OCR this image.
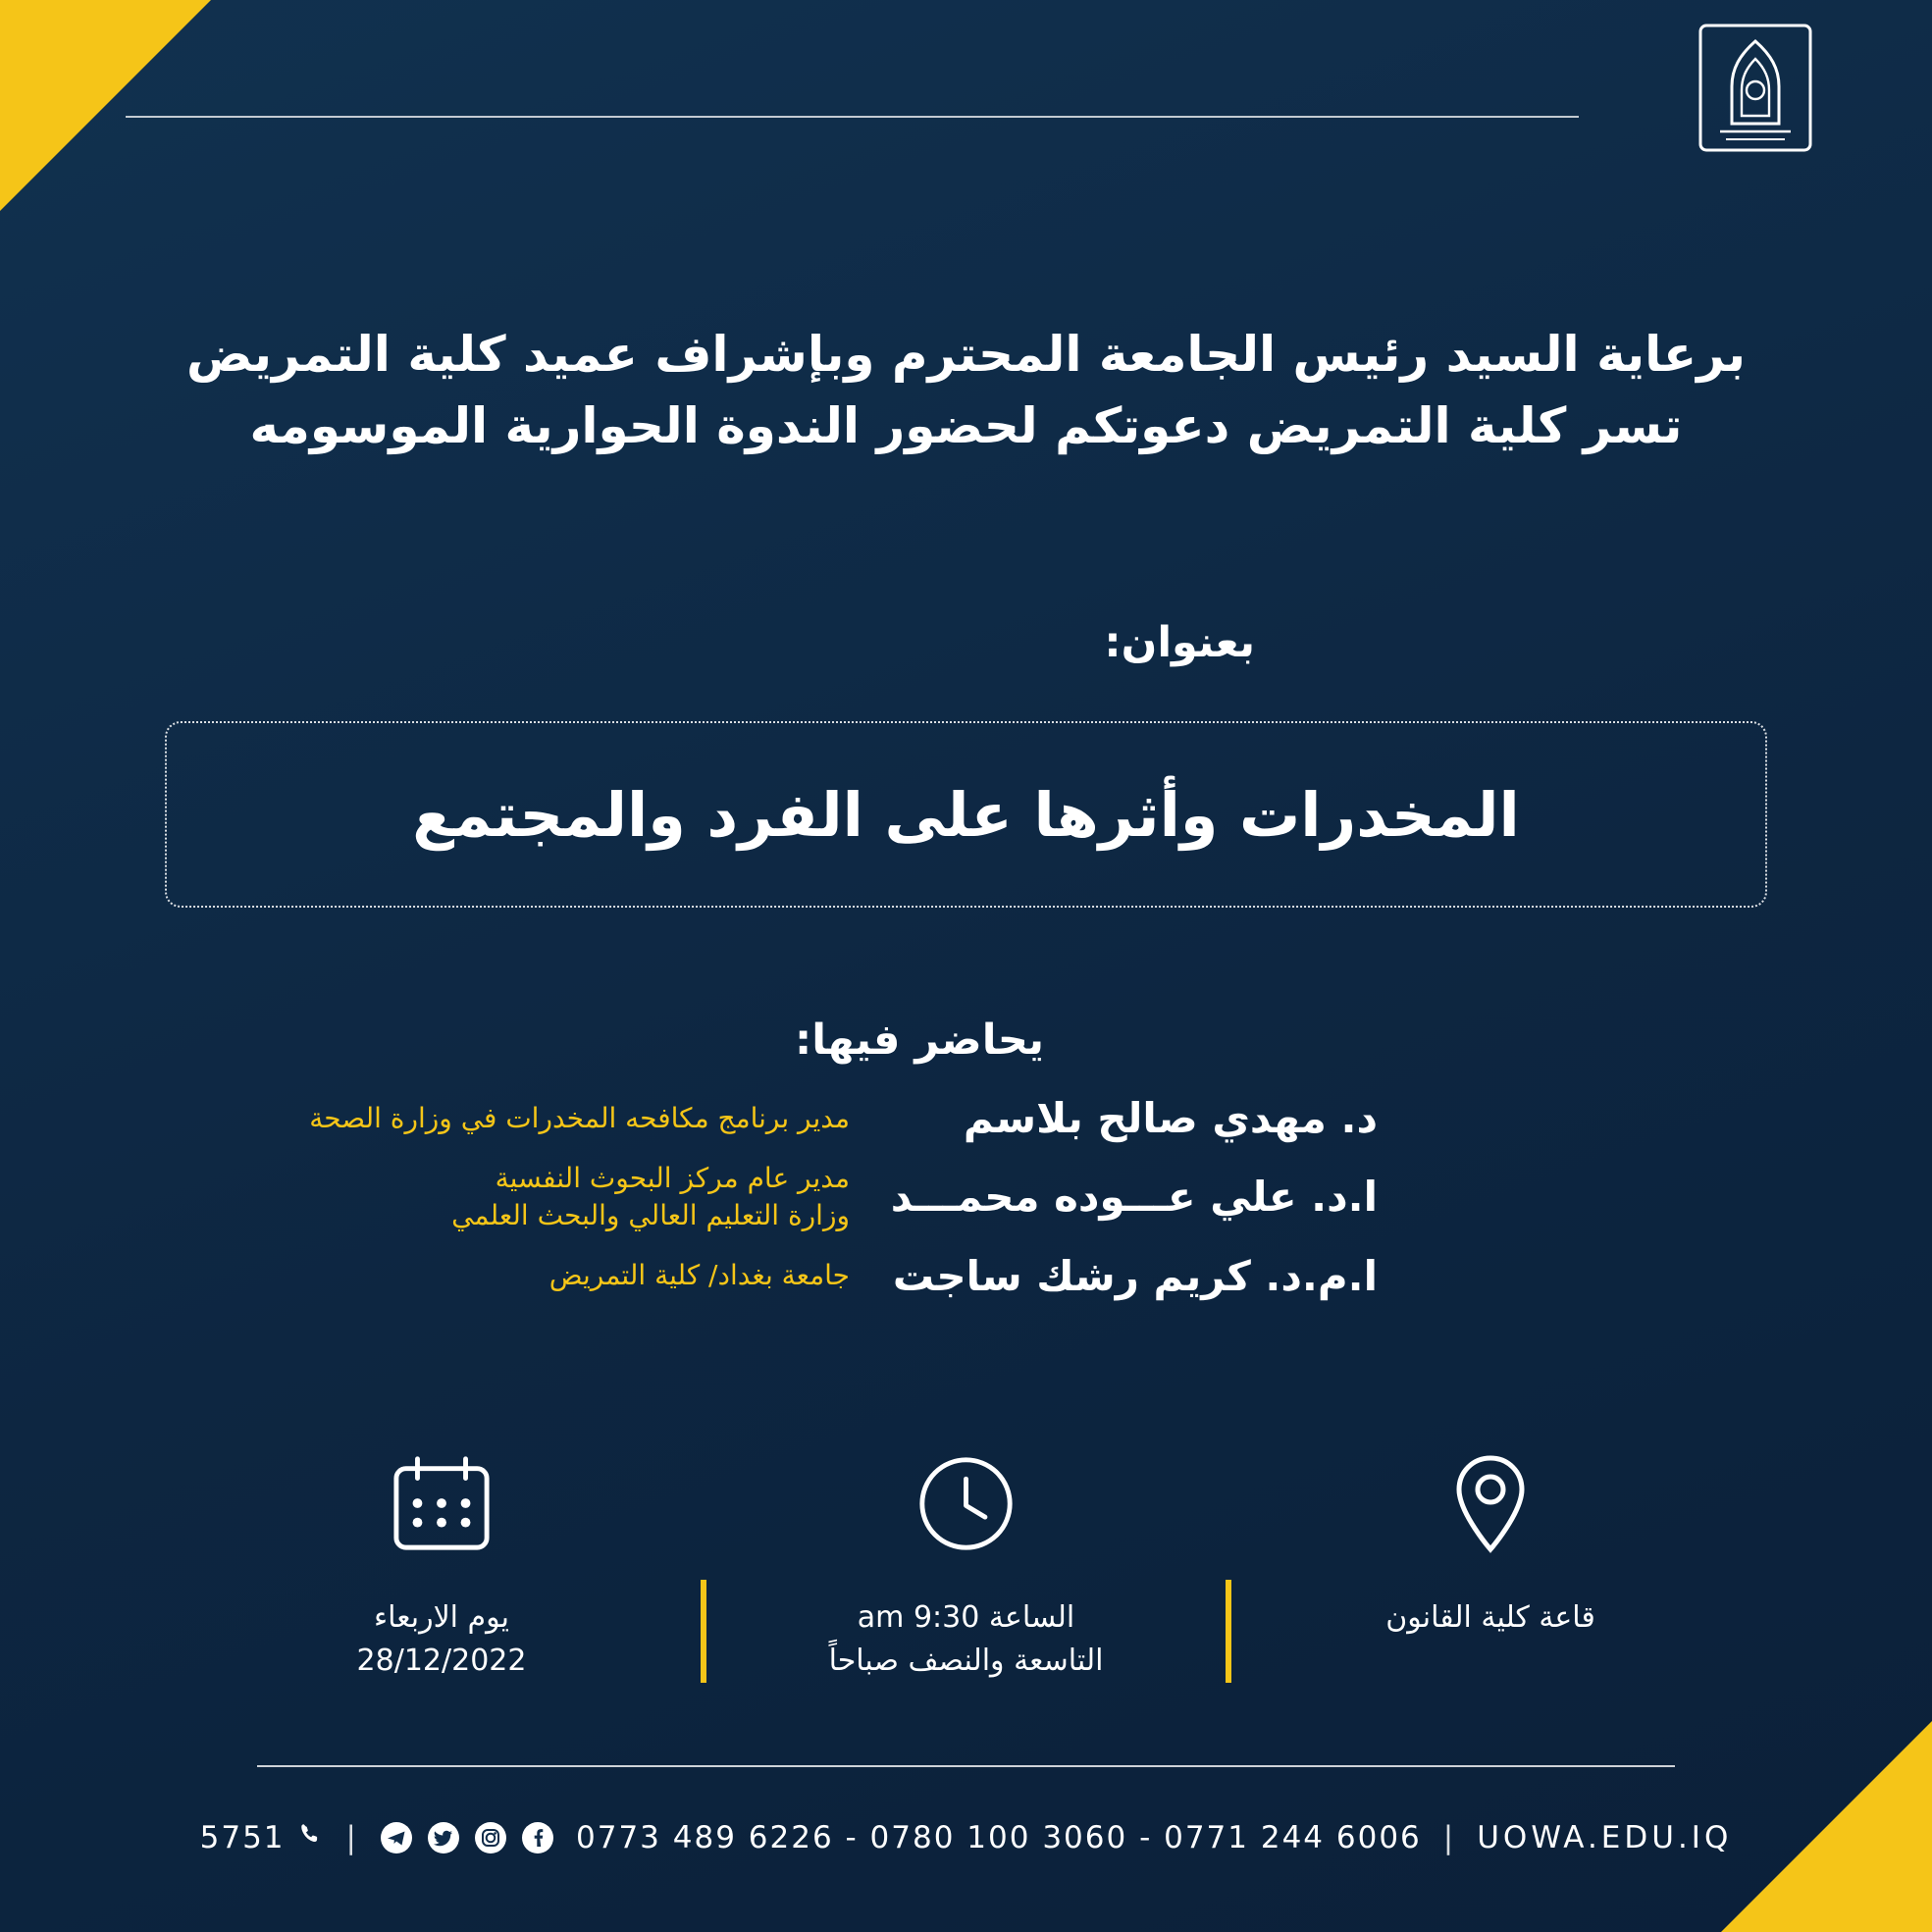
برعاية السيد رئيس الجامعة المحترم وبإشراف عميد كلية التمريض
تسر كلية التمريض دعوتكم لحضور الندوة الحوارية الموسومه
بعنوان:
المخدرات وأثرها على الفرد والمجتمع
يحاضر فيها:
د. مهدي صالح بلاسم
مدير برنامج مكافحه المخدرات في وزارة الصحة
ا.د. علي عـــوده محمـــد
مدير عام مركز البحوث النفسية
وزارة التعليم العالي والبحث العلمي
ا.م.د. كريم رشك ساجت
جامعة بغداد/ كلية التمريض
قاعة كلية القانون
الساعة 9:30 am
التاسعة والنصف صباحاً
يوم الاربعاء
28/12/2022
UOWA.EDU.IQ
|
0773 489 6226 - 0780 100 3060 - 0771 244 6006
|
5751
